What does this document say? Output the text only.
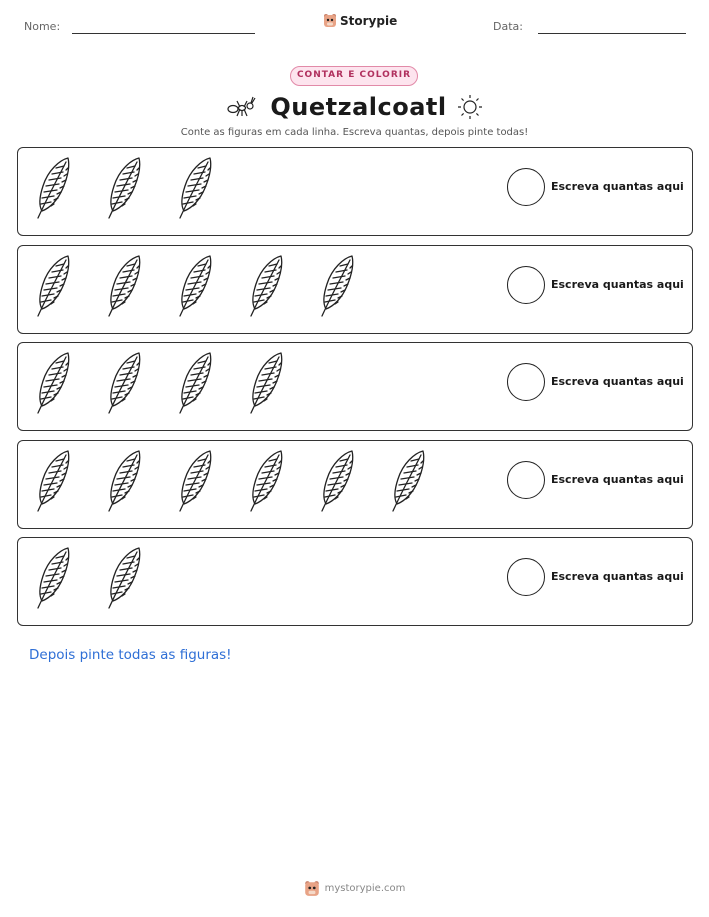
Nome:	Storypie	Data:
CONTAR E COLORIR
Quetzalcoatl
Conte as figuras em cada linha. Escreva quantas, depois pinte todas!
Escreva quantas aqui
Escreva quantas aqui
Escreva quantas aqui
Escreva quantas aqui
Escreva quantas aqui
Depois pinte todas as figuras!
mystorypie.com
